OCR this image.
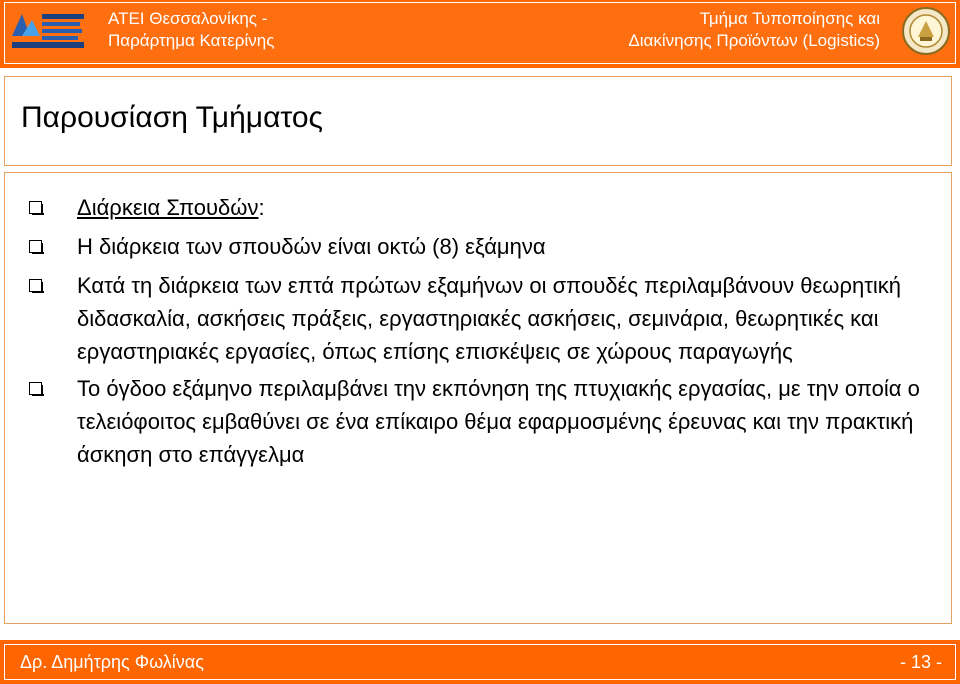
ΑΤΕΙ Θεσσαλονίκης -
Παράρτημα Κατερίνης
Τμήμα Τυποποίησης και
Διακίνησης Προϊόντων (Logistics)
Παρουσίαση Τμήματος
Διάρκεια Σπουδών:
Η διάρκεια των σπουδών είναι οκτώ (8) εξάμηνα
Κατά τη διάρκεια των επτά πρώτων εξαμήνων οι σπουδές περιλαμβάνουν θεωρητική διδασκαλία, ασκήσεις πράξεις, εργαστηριακές ασκήσεις, σεμινάρια, θεωρητικές και εργαστηριακές εργασίες, όπως επίσης επισκέψεις σε χώρους παραγωγής
Το όγδοο εξάμηνο περιλαμβάνει την εκπόνηση της πτυχιακής εργασίας, με την οποία ο τελειόφοιτος εμβαθύνει σε ένα επίκαιρο θέμα εφαρμοσμένης έρευνας και την πρακτική άσκηση στο επάγγελμα
Δρ. Δημήτρης Φωλίνας	- 13 -
